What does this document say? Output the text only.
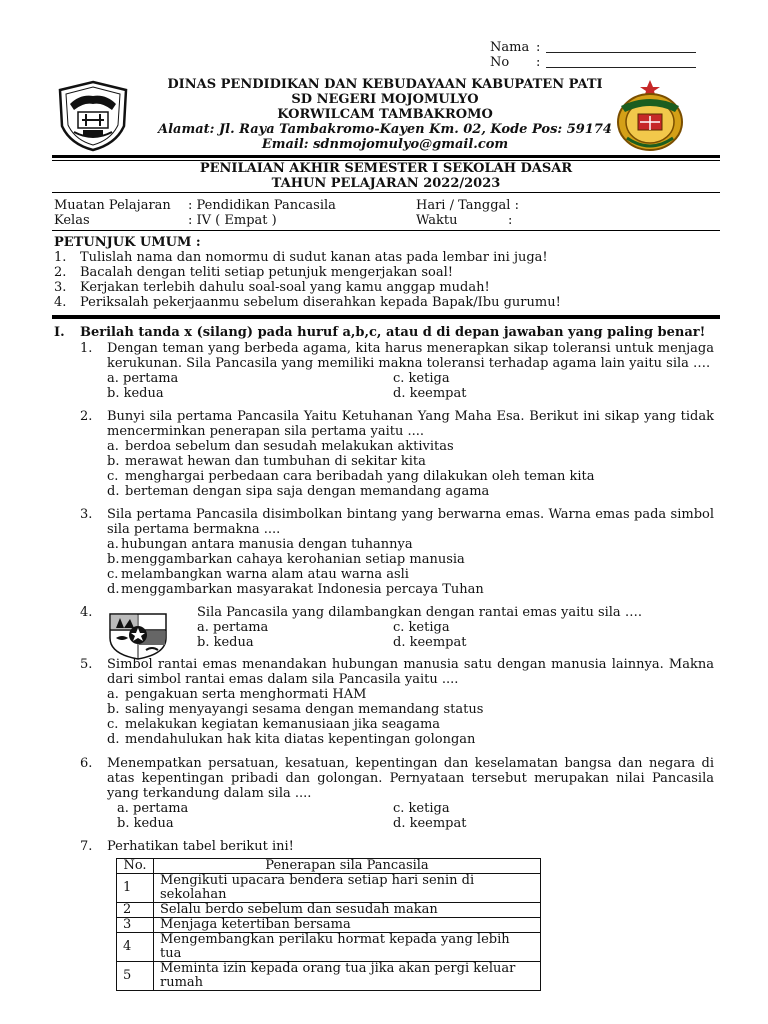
Nama :
No :
DINAS PENDIDIKAN DAN KEBUDAYAAN KABUPATEN PATI
SD NEGERI MOJOMULYO
KORWILCAM TAMBAKROMO
Alamat: Jl. Raya Tambakromo-Kayen Km. 02, Kode Pos: 59174
Email: sdnmojomulyo@gmail.com
PENILAIAN AKHIR SEMESTER I SEKOLAH DASAR
TAHUN PELAJARAN 2022/2023
Muatan Pelajaran : Pendidikan Pancasila	Hari / Tanggal :
Kelas	: IV ( Empat )	Waktu	:
PETUNJUK UMUM :
1. Tulislah nama dan nomormu di sudut kanan atas pada lembar ini juga!
2. Bacalah dengan teliti setiap petunjuk mengerjakan soal!
3. Kerjakan terlebih dahulu soal-soal yang kamu anggap mudah!
4. Periksalah pekerjaanmu sebelum diserahkan kepada Bapak/Ibu gurumu!
I. Berilah tanda x (silang) pada huruf a,b,c, atau d di depan jawaban yang paling benar!
1. Dengan teman yang berbeda agama, kita harus menerapkan sikap toleransi untuk menjaga kerukunan. Sila Pancasila yang memiliki makna toleransi terhadap agama lain yaitu sila ….
a. pertama
b. kedua
c. ketiga
d. keempat
2. Bunyi sila pertama Pancasila Yaitu Ketuhanan Yang Maha Esa. Berikut ini sikap yang tidak mencerminkan penerapan sila pertama yaitu ....
a. berdoa sebelum dan sesudah melakukan aktivitas
b. merawat hewan dan tumbuhan di sekitar kita
c. menghargai perbedaan cara beribadah yang dilakukan oleh teman kita
d. berteman dengan sipa saja dengan memandang agama
3. Sila pertama Pancasila disimbolkan bintang yang berwarna emas. Warna emas pada simbol sila pertama bermakna ....
a. hubungan antara manusia dengan tuhannya
b. menggambarkan cahaya kerohanian setiap manusia
c. melambangkan warna alam atau warna asli
d. menggambarkan masyarakat Indonesia percaya Tuhan
4.	Sila Pancasila yang dilambangkan dengan rantai emas yaitu sila ….
a. pertama
b. kedua
c. ketiga
d. keempat
5. Simbol rantai emas menandakan hubungan manusia satu dengan manusia lainnya. Makna dari simbol rantai emas dalam sila Pancasila yaitu ....
a. pengakuan serta menghormati HAM
b. saling menyayangi sesama dengan memandang status
c. melakukan kegiatan kemanusiaan jika seagama
d. mendahulukan hak kita diatas kepentingan golongan
6. Menempatkan persatuan, kesatuan, kepentingan dan keselamatan bangsa dan negara di atas kepentingan pribadi dan golongan. Pernyataan tersebut merupakan nilai Pancasila yang terkandung dalam sila ....
a. pertama
b. kedua
c. ketiga
d. keempat
7. Perhatikan tabel berikut ini!
No.	Penerapan sila Pancasila
1	Mengikuti upacara bendera setiap hari senin di sekolahan
2	Selalu berdo sebelum dan sesudah makan
3	Menjaga ketertiban bersama
4	Mengembangkan perilaku hormat kepada yang lebih tua
5	Meminta izin kepada orang tua jika akan pergi keluar rumah
